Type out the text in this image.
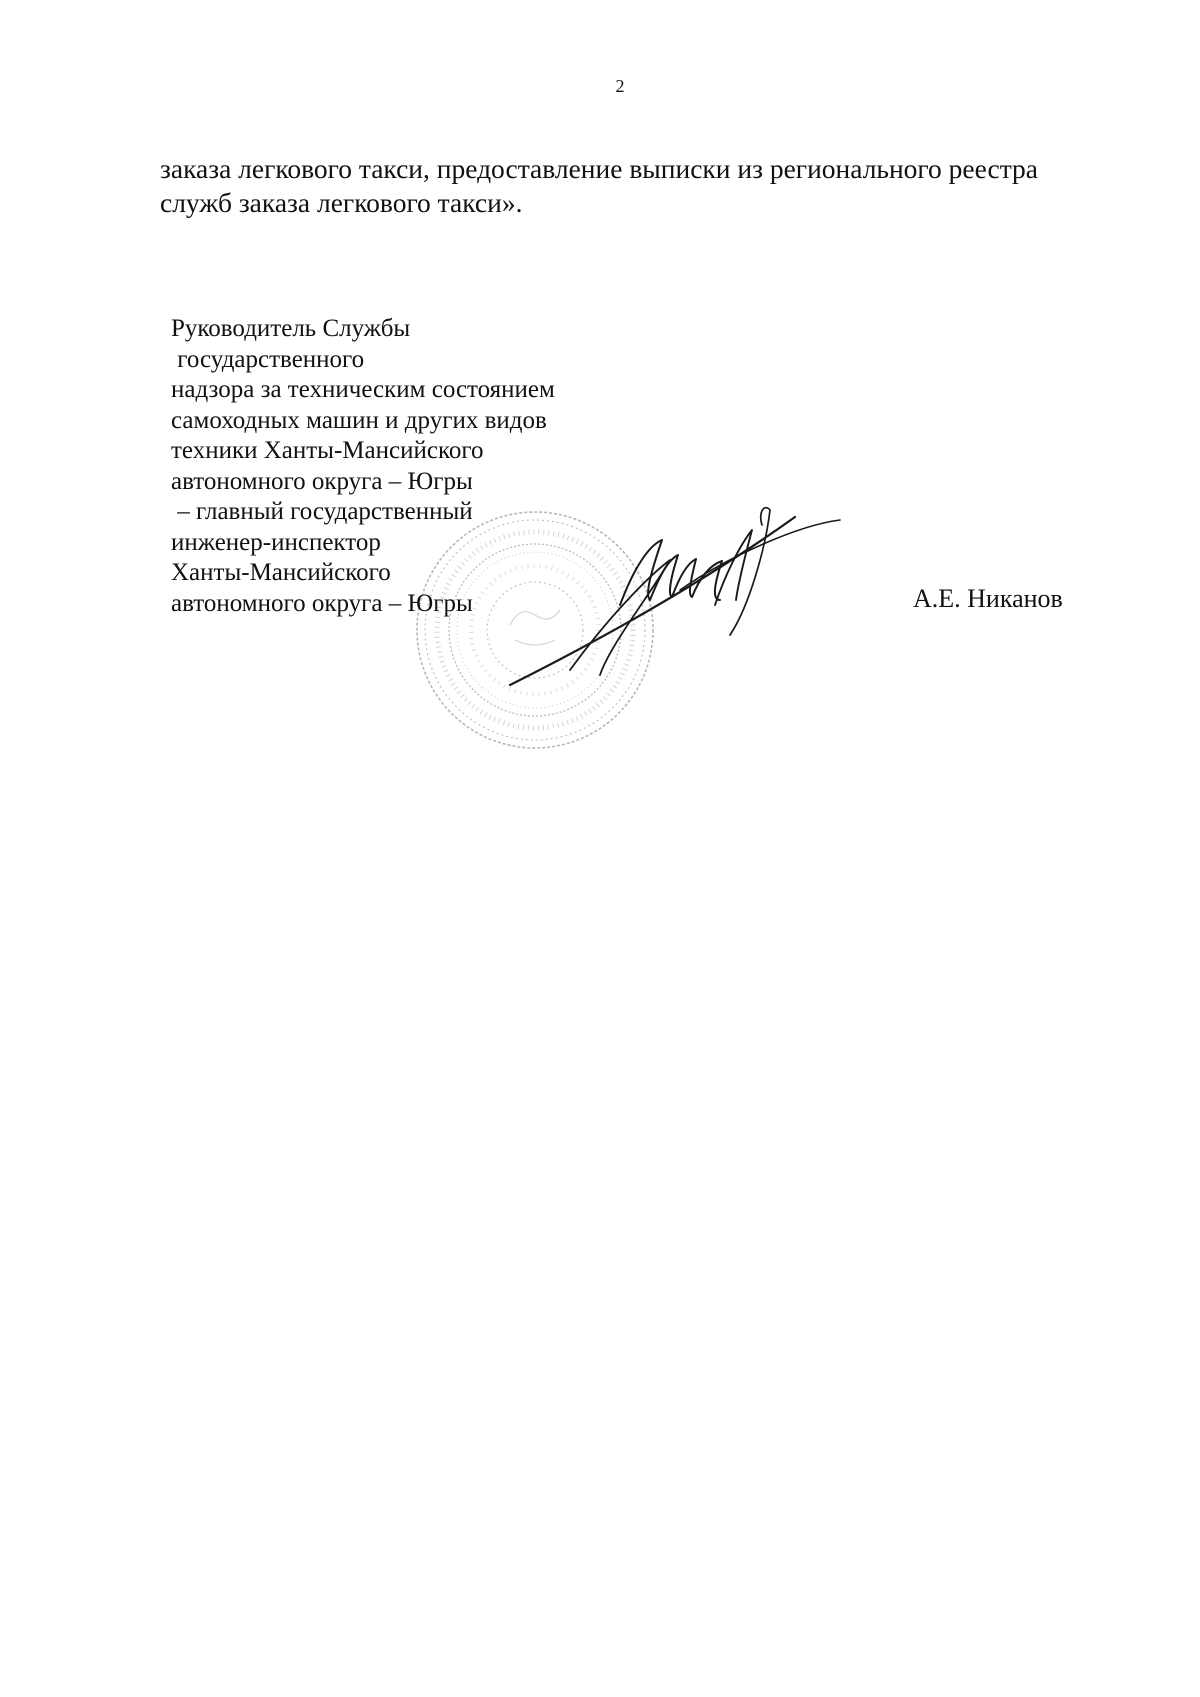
2

заказа легкового такси, предоставление выписки из регионального реестра служб заказа легкового такси».

Руководитель Службы
государственного
надзора за техническим состоянием
самоходных машин и других видов
техники Ханты-Мансийского
автономного округа – Югры
– главный государственный
инженер-инспектор
Ханты-Мансийского
автономного округа – Югры	А.Е. Никанов
